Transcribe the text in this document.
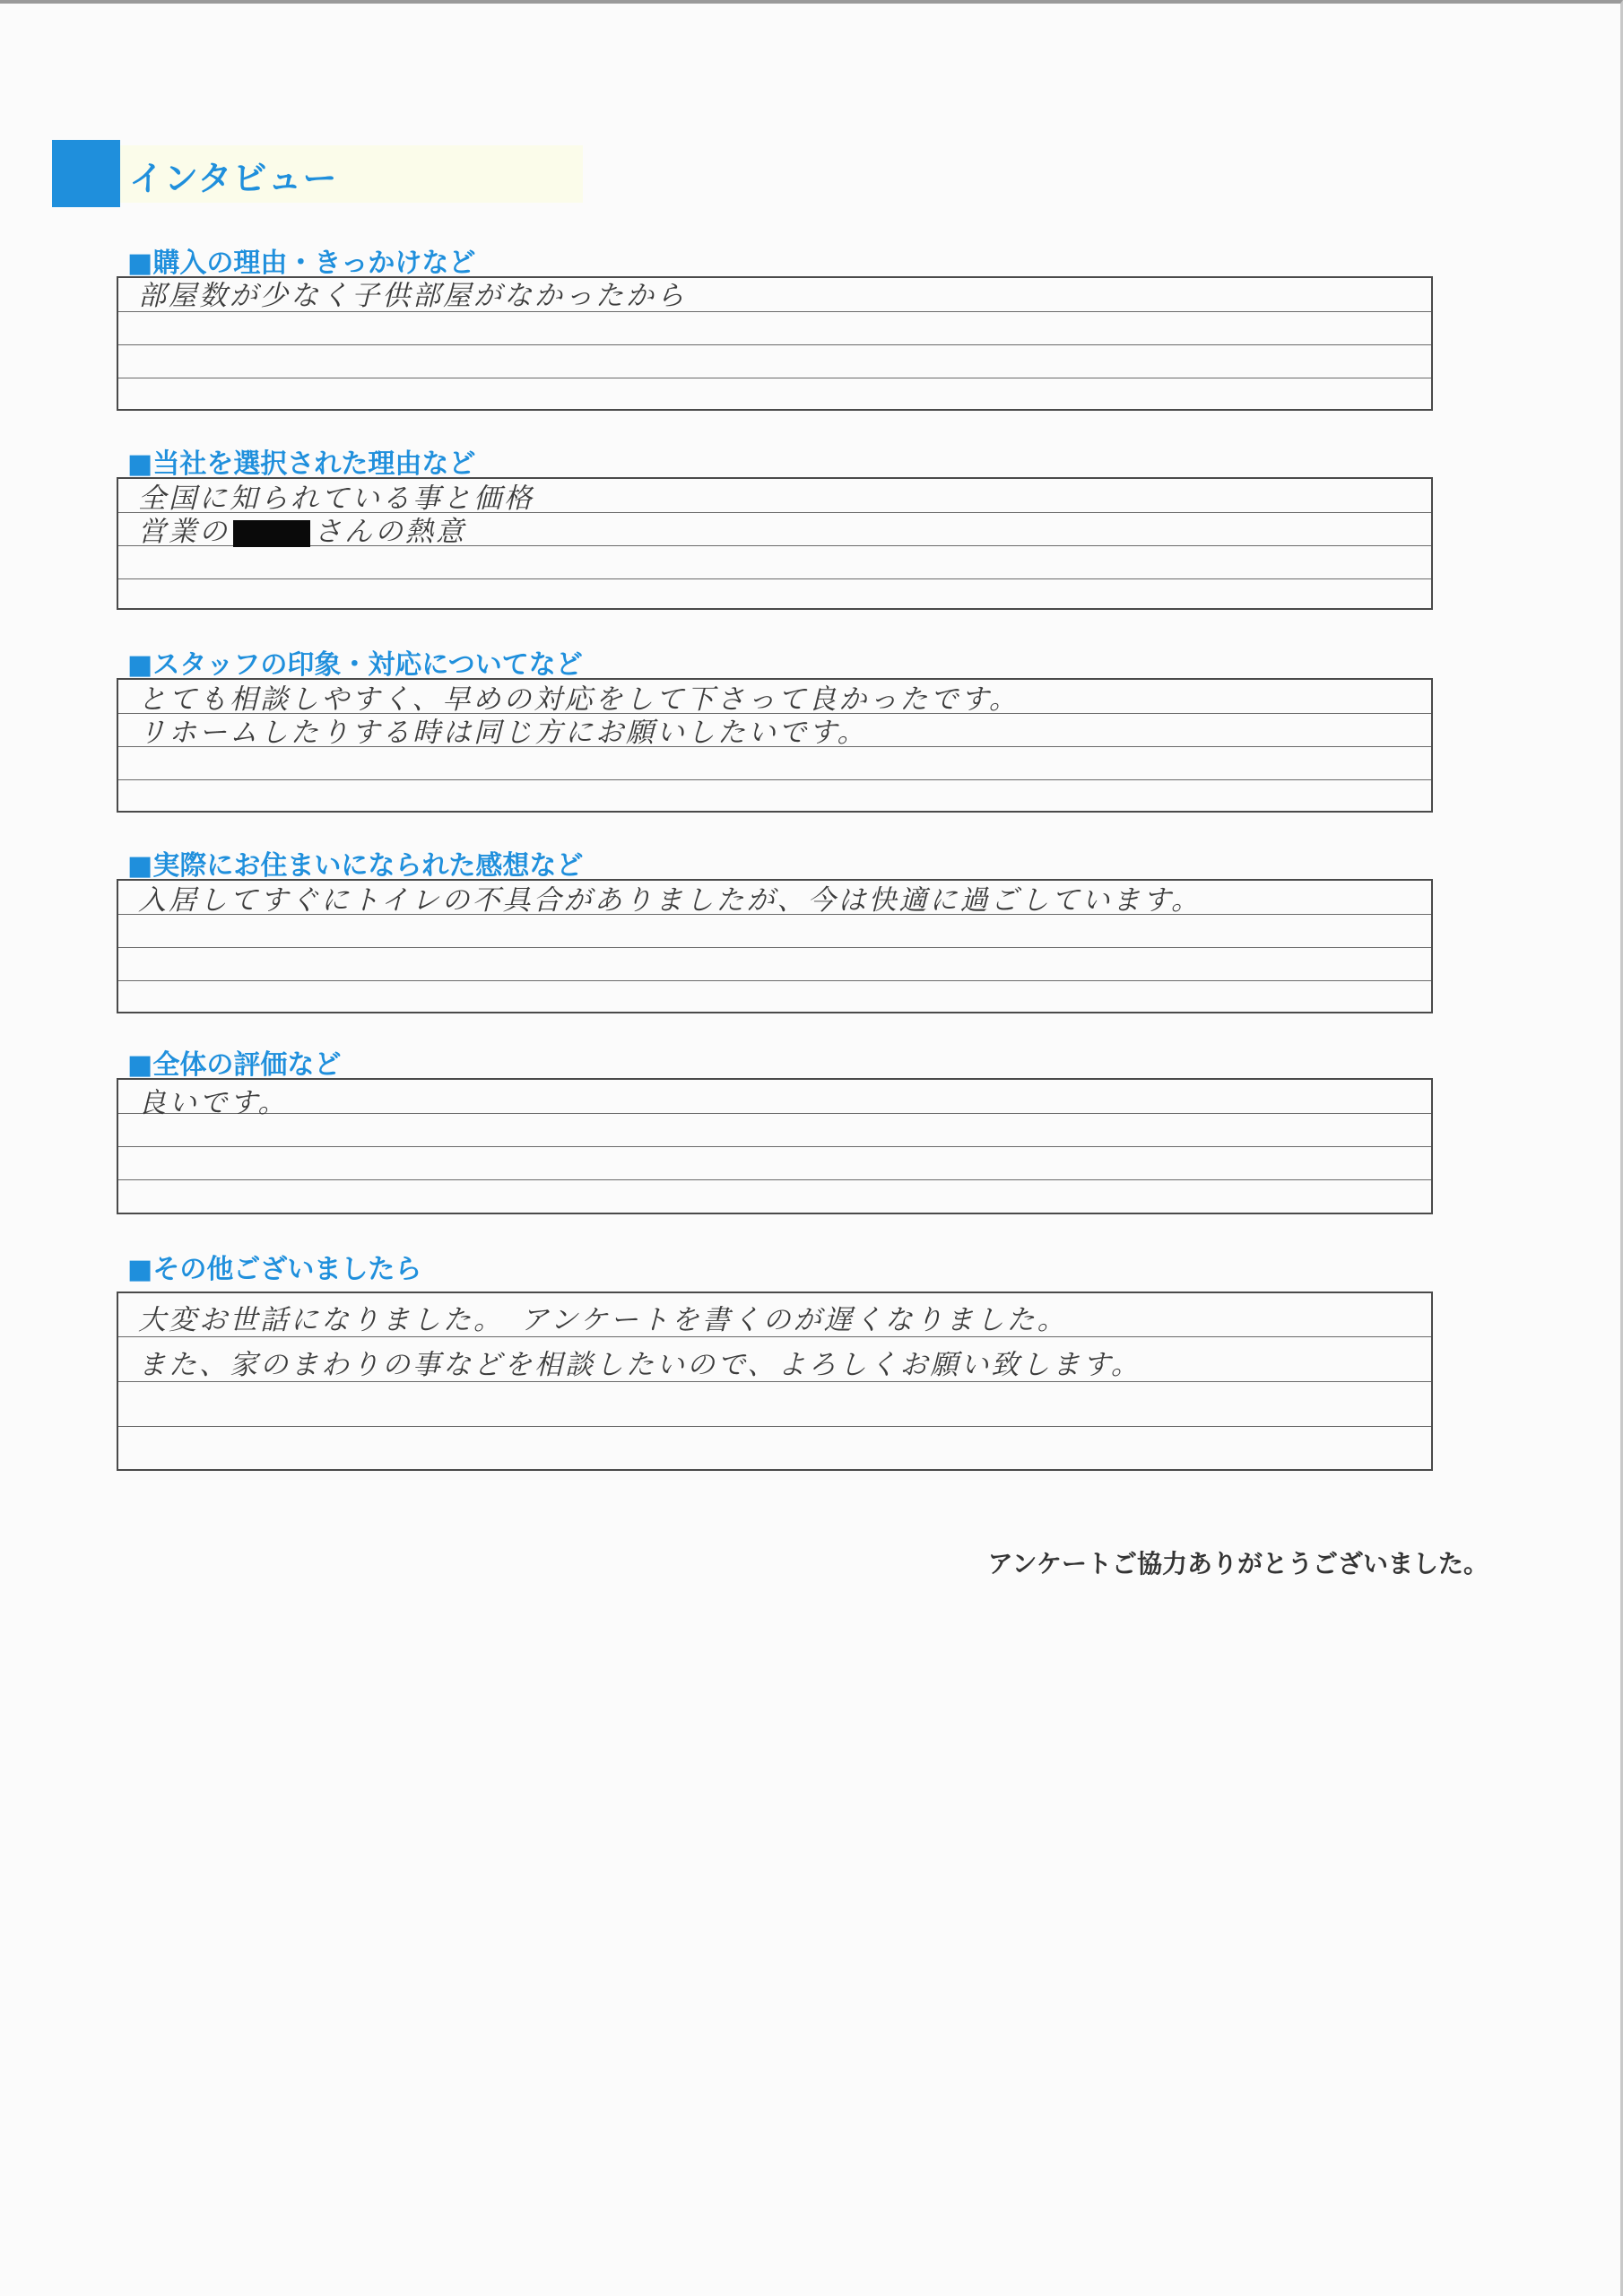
インタビュー
■購入の理由・きっかけなど
部屋数が少なく子供部屋がなかったから
■当社を選択された理由など
全国に知られている事と価格
営業の	さんの熱意
■スタッフの印象・対応についてなど
とても相談しやすく、早めの対応をして下さって良かったです。
リホームしたりする時は同じ方にお願いしたいです。
■実際にお住まいになられた感想など
入居してすぐにトイレの不具合がありましたが、今は快適に過ごしています。
■全体の評価など
良いです。
■その他ございましたら
大変お世話になりました。　アンケートを書くのが遅くなりました。
また、家のまわりの事などを相談したいので、よろしくお願い致します。
アンケートご協力ありがとうございました。
